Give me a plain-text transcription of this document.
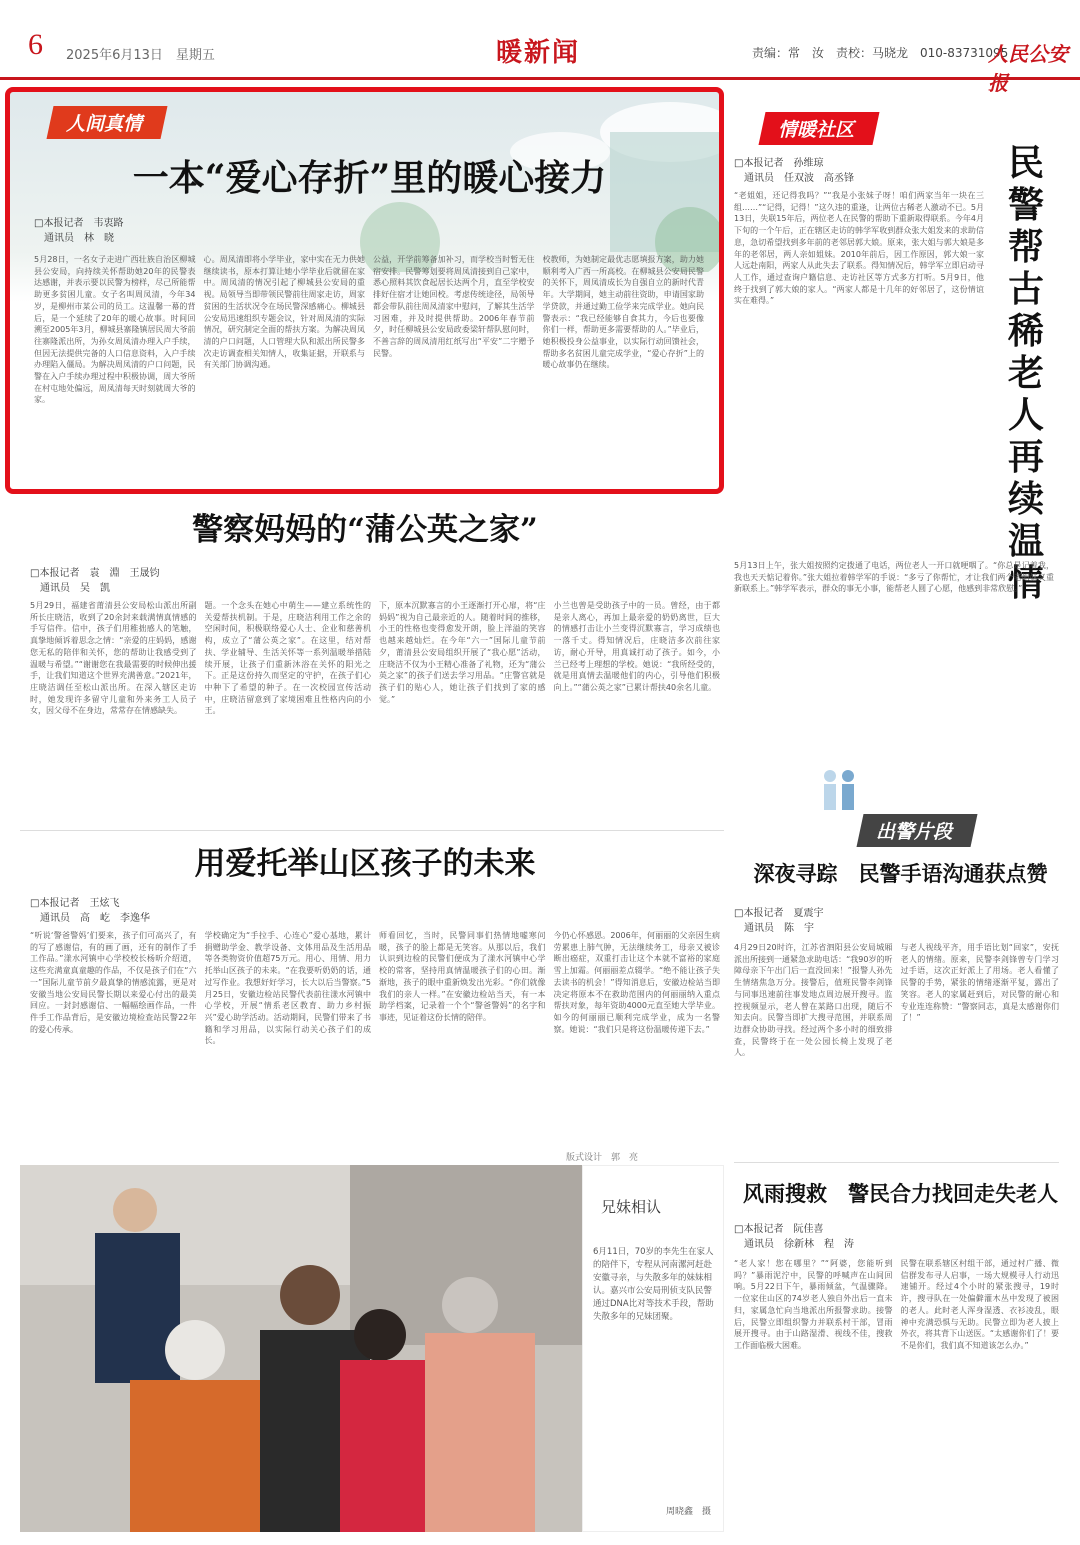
6 2025年6月13日　星期五	暖新闻	责编：常　汝　责校：马晓龙　010-83731095
人民公安报
人间真情
一本“爱心存折”里的暖心接力
□本报记者　韦衷路
通讯员　林　晓
5月28日，一名女子走进广西壮族自治区柳城县公安局，向持续关怀帮助她20年的民警表达感谢，并表示要以民警为榜样，尽己所能帮助更多贫困儿童。女子名叫周凤清，今年34岁，是柳州市某公司的员工。这温馨一幕的背后，是一个延续了20年的暖心故事。时间回溯至2005年3月，柳城县寨隆镇居民周大爷前往寨隆派出所，为孙女周凤清办理入户手续，但因无法提供完备的人口信息资料，入户手续办理陷入僵局。为解决周凤清的户口问题，民警在入户手续办理过程中积极协调，周大爷所在村屯地处偏远，周凤清每天时刻就周大爷的家。
心。周凤清即将小学毕业，家中实在无力供她继续读书，原本打算让她小学毕业后就留在家中。周凤清的情况引起了柳城县公安局的重视。局领导当即带领民警前往周家走访，周家贫困的生活状况令在场民警深感痛心。柳城县公安局迅速组织专题会议，针对周凤清的实际情况，研究制定全面的帮扶方案。为解决周凤清的户口问题，人口管理大队和派出所民警多次走访调查相关知情人，收集证据，开联系与有关部门协调沟通。
公益，开学前筹备加补习，而学校当时暂无住宿安排。民警筹划要将周凤清接到自己家中，悉心照料其饮食起居长达两个月，直至学校安排好住宿才让她回校。考虑传统途径，局领导都会带队前往周凤清家中慰问，了解其生活学习困难，并及时提供帮助。2006年春节前夕，时任柳城县公安局政委梁轩帮队慰问时，不善言辞的周凤清用红纸写出“平安”二字赠予民警。
校教师，为她制定最优志愿填报方案，助力她顺利考入广西一所高校。在柳城县公安局民警的关怀下，周凤清成长为自强自立的新时代青年。大学期间，她主动前往资助，申请国家助学贷款，并通过勤工俭学来完成学业。她向民警表示：“我已经能够自食其力，今后也要像你们一样，帮助更多需要帮助的人。”毕业后，她积极投身公益事业，以实际行动回馈社会，帮助多名贫困儿童完成学业，“爱心存折”上的暖心故事仍在继续。
警察妈妈的“蒲公英之家”
□本报记者　袁　淵　王晟钧
通讯员　吴　凯
5月29日，福建省莆清县公安局松山派出所副所长庄晓洁，收到了20余封来载满情真情感的手写信件。信中，孩子们用稚拙感人的笔触，真挚地倾诉着思念之情：“亲爱的庄妈妈，感谢您无私的陪伴和关怀，您的帮助让我感受到了温暖与希望。”“谢谢您在我最需要的时候伸出援手，让我们知道这个世界充满善意。”2021年，庄晓洁调任至松山派出所。在深入辖区走访时，她发现许多留守儿童和外来务工人员子女，因父母不在身边，常常存在情感缺失。
题。一个念头在她心中萌生——建立系统性的关爱帮扶机制。于是，庄晓洁利用工作之余的空闲时间，积极联络爱心人士、企业和慈善机构，成立了“蒲公英之家”。在这里，结对帮扶、学业辅导、生活关怀等一系列温暖举措陆续开展，让孩子们重新沐浴在关怀的阳光之下。正是这份持久而坚定的守护，在孩子们心中种下了希望的种子。在一次校园宣传活动中，庄晓洁留意到了家境困难且性格内向的小王。
下，原本沉默寡言的小王逐渐打开心扉，将“庄妈妈”视为自己最亲近的人。随着时间的推移，小王的性格也变得愈发开朗，脸上洋溢的笑容也越来越灿烂。在今年“六一”国际儿童节前夕，莆清县公安局组织开展了“我心愿”活动，庄晓洁不仅为小王精心准备了礼物，还为“蒲公英之家”的孩子们送去学习用品。“庄警官就是孩子们的贴心人，她让孩子们找到了家的感觉。”
小兰也曾是受助孩子中的一员。曾经，由于都是亲人离心，再加上最亲爱的奶奶离世，巨大的情感打击让小兰变得沉默寡言，学习成绩也一落千丈。得知情况后，庄晓洁多次前往家访，耐心开导，用真诚打动了孩子。如今，小兰已经考上理想的学校。她说：“我所经受的，就是用真情去温暖他们的内心，引导他们积极向上。”“蒲公英之家”已累计帮扶40余名儿童。
用爱托举山区孩子的未来
□本报记者　王炫飞
通讯员　高　屹　李逸华
“听说‘警爸警妈’们要来，孩子们可高兴了，有的写了感谢信，有的画了画，还有的制作了手工作品。”漾水河镇中心学校校长杨昕介绍道，这些充满童真童趣的作品，不仅是孩子们在“六一”国际儿童节前夕最真挚的情感流露，更是对安徽当地公安局民警长期以来爱心付出的最美回应。一封封感谢信、一幅幅绘画作品，一件件手工作品背后，是安徽边境检查站民警22年的爱心传承。
学校确定为“手拉手、心连心”爱心基地，累计捐赠助学金、教学设备、文体用品及生活用品等各类物资价值超75万元。用心、用情、用力托举山区孩子的未来。“在我要听奶奶的话，通过写作业。我想好好学习，长大以后当警察。”5月25日，安徽边检站民警代表前往漾水河镇中心学校，开展“情系老区教育、助力乡村振兴”爱心助学活动。活动期间，民警们带来了书籍和学习用品，以实际行动关心孩子们的成长。
师看回忆，当时，民警同事们热情地嘘寒问暖，孩子的脸上都是无笑容。从那以后，我们认识到边检的民警们便成为了漾水河镇中心学校的常客，坚持用真情温暖孩子们的心田。渐渐地，孩子的眼中重新焕发出光彩。“你们就像我们的亲人一样。”在安徽边检站当天，有一本助学档案，记录着一个个“警爸警妈”的名字和事迹，见证着这份长情的陪伴。
今仍心怀感恩。2006年，何丽丽的父亲因生病劳累患上肺气肿，无法继续务工，母亲又被诊断出癌症，双重打击让这个本就不富裕的家庭雪上加霜。何丽丽差点辍学。“绝不能让孩子失去读书的机会！”得知消息后，安徽边检站当即决定将原本不在救助范围内的何丽丽纳入重点帮扶对象，每年资助4000元直至她大学毕业。如今的何丽丽已顺利完成学业，成为一名警察。她说：“我们只是将这份温暖传递下去。”
版式设计　郭　亮
兄妹相认
6月11日，70岁的李先生在家人的陪伴下，专程从河南漯河赶赴安徽寻亲，与失散多年的妹妹相认。嘉兴市公安局刑侦支队民警通过DNA比对等技术手段，帮助失散多年的兄妹团聚。
周晓鑫　摄
情暖社区
□本报记者　孙维琼
通讯员　任双波　高丞锋	民警帮古稀老人再续温情
“老姐姐，还记得我吗？”“我是小张妹子呀！咱们两家当年一块在三组……”“记得，记得！”这久违的重逢，让两位古稀老人激动不已。5月13日，失联15年后，两位老人在民警的帮助下重新取得联系。今年4月下旬的一个午后，正在辖区走访的韩学军收到群众张大姐发来的求助信息，急切希望找到多年前的老邻居郭大娘。原来，张大姐与郭大娘是多年的老邻居，两人亲如姐妹。2010年前后，因工作原因，郭大娘一家人远赴南阳，两家人从此失去了联系。得知情况后，韩学军立即启动寻人工作，通过查询户籍信息、走访社区等方式多方打听。5月9日，他终于找到了郭大娘的家人。“两家人都是十几年的好邻居了，这份情谊实在难得。”
5月13日上午，张大姐按照约定拨通了电话，两位老人一开口就哽咽了。“你总是记着我，我也天天惦记着你。”张大姐拉着韩学军的手说：“多亏了你帮忙，才让我们两个老姐妹又重新联系上。”韩学军表示，群众的事无小事，能帮老人圆了心愿，他感到非常欣慰。”
出警片段
深夜寻踪　民警手语沟通获点赞
□本报记者　夏震宇
通讯员　陈　宇
4月29日20时许，江苏省泗阳县公安局城厢派出所接到一通紧急求助电话：“我90岁的听障母亲下午出门后一直没回来！”报警人孙先生情绪焦急万分。接警后，值班民警李剑锋与同事迅速前往事发地点周边展开搜寻。监控视频显示，老人曾在某路口出现，随后不知去向。民警当即扩大搜寻范围，并联系周边群众协助寻找。经过两个多小时的细致排查，民警终于在一处公园长椅上发现了老人。
与老人视线平齐，用手语比划“回家”，安抚老人的情绪。原来，民警李剑锋曾专门学习过手语，这次正好派上了用场。老人看懂了民警的手势，紧张的情绪逐渐平复，露出了笑容。老人的家属赶到后，对民警的耐心和专业连连称赞：“警察同志，真是太感谢你们了！”
风雨搜救　警民合力找回走失老人
□本报记者　阮佳喜
通讯员　徐新林　程　涛
“老人家！您在哪里？”“阿婆，您能听到吗？”暴雨泥泞中，民警的呼喊声在山间回响。5月22日下午，暴雨倾盆，气温骤降。一位家住山区的74岁老人独自外出后一直未归，家属急忙向当地派出所报警求助。接警后，民警立即组织警力并联系村干部，冒雨展开搜寻。由于山路湿滑、视线不佳，搜救工作面临极大困难。
民警在联系辖区村组干部，通过村广播、微信群发布寻人启事，一场大规模寻人行动迅速铺开。经过4个小时的紧张搜寻，19时许，搜寻队在一处偏僻灌木丛中发现了被困的老人。此时老人浑身湿透、衣衫凌乱，眼神中充满恐惧与无助。民警立即为老人披上外衣，将其背下山送医。“太感谢你们了！要不是你们，我们真不知道该怎么办。”
